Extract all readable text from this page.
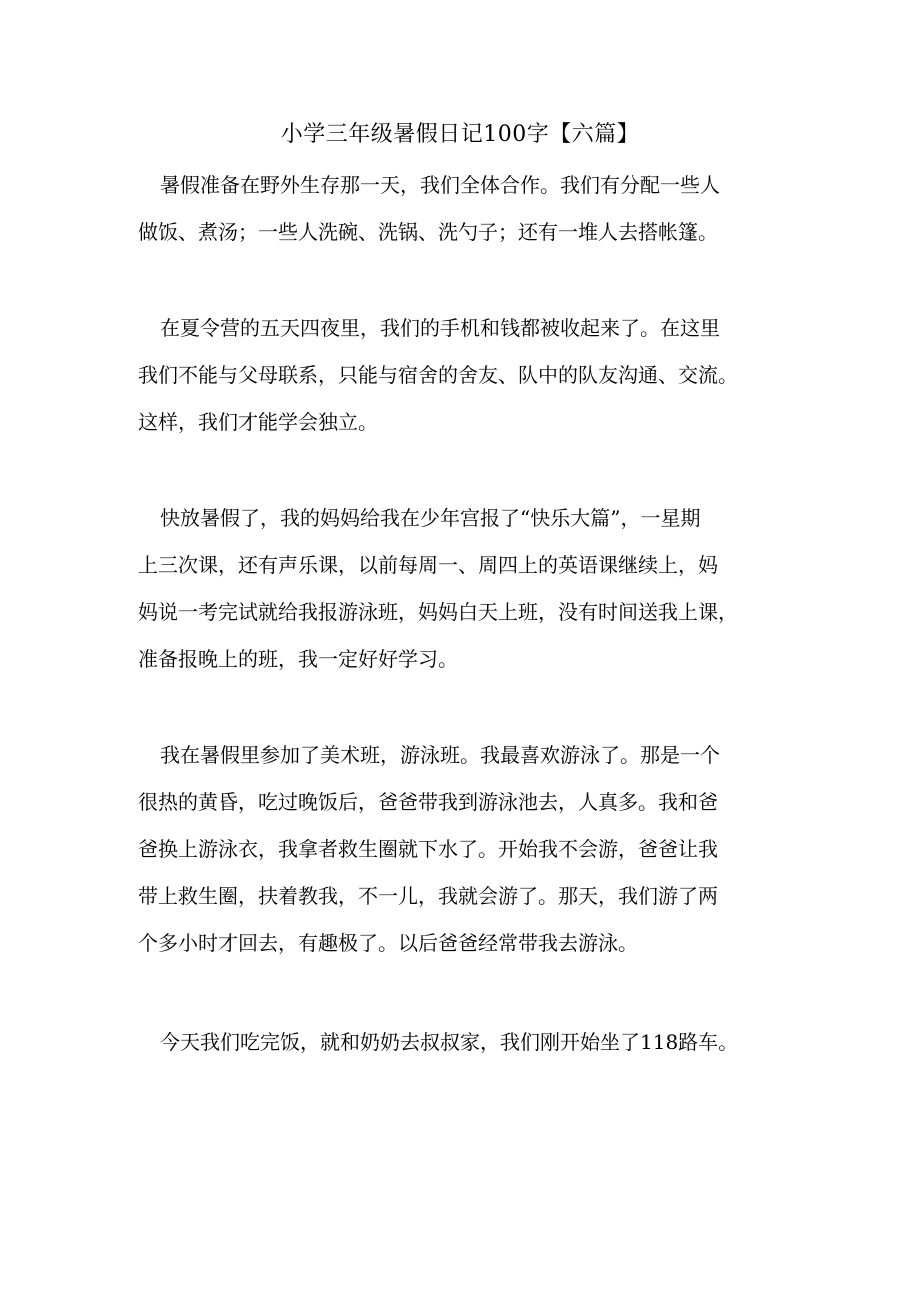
小学三年级暑假日记100字【六篇】
暑假准备在野外生存那一天，我们全体合作。我们有分配一些人
做饭、煮汤；一些人洗碗、洗锅、洗勺子；还有一堆人去搭帐篷。
在夏令营的五天四夜里，我们的手机和钱都被收起来了。在这里
我们不能与父母联系，只能与宿舍的舍友、队中的队友沟通、交流。
这样，我们才能学会独立。
快放暑假了，我的妈妈给我在少年宫报了“快乐大篇”，一星期
上三次课，还有声乐课，以前每周一、周四上的英语课继续上，妈
妈说一考完试就给我报游泳班，妈妈白天上班，没有时间送我上课，
准备报晚上的班，我一定好好学习。
我在暑假里参加了美术班，游泳班。我最喜欢游泳了。那是一个
很热的黄昏，吃过晚饭后，爸爸带我到游泳池去，人真多。我和爸
爸换上游泳衣，我拿者救生圈就下水了。开始我不会游，爸爸让我
带上救生圈，扶着教我，不一儿，我就会游了。那天，我们游了两
个多小时才回去，有趣极了。以后爸爸经常带我去游泳。
今天我们吃完饭，就和奶奶去叔叔家，我们刚开始坐了118路车。
